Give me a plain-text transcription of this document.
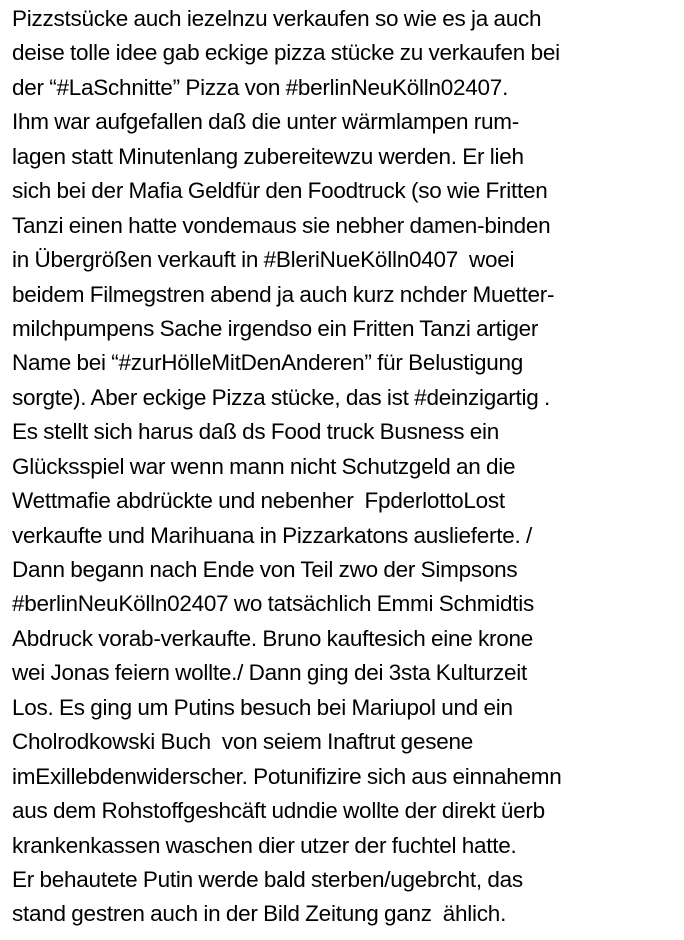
Pizzstsücke auch iezelnzu verkaufen so wie es ja auch
deise tolle idee gab eckige pizza stücke zu verkaufen bei
der “#LaSchnitte” Pizza von #berlinNeuKölln02407.
Ihm war aufgefallen daß die unter wärmlampen rum-
lagen statt Minutenlang zubereitewzu werden. Er lieh
sich bei der Mafia Geldfür den Foodtruck (so wie Fritten
Tanzi einen hatte vondemaus sie nebher damen-binden
in Übergrößen verkauft in #BleriNueKölln0407  woei
beidem Filmegstren abend ja auch kurz nchder Muetter-
milchpumpens Sache irgendso ein Fritten Tanzi artiger
Name bei “#zurHölleMitDenAnderen” für Belustigung
sorgte). Aber eckige Pizza stücke, das ist #deinzigartig .
Es stellt sich harus daß ds Food truck Busness ein
Glücksspiel war wenn mann nicht Schutzgeld an die
Wettmafie abdrückte und nebenher  FpderlottoLost
verkaufte und Marihuana in Pizzarkatons auslieferte. /
Dann begann nach Ende von Teil zwo der Simpsons
#berlinNeuKölln02407 wo tatsächlich Emmi Schmidtis
Abdruck vorab-verkaufte. Bruno kauftesich eine krone
wei Jonas feiern wollte./ Dann ging dei 3sta Kulturzeit
Los. Es ging um Putins besuch bei Mariupol und ein
Cholrodkowski Buch  von seiem Inaftrut gesene
imExillebdenwiderscher. Potunifizire sich aus einnahemn
aus dem Rohstoffgeshcäft udndie wollte der direkt üerb
krankenkassen waschen dier utzer der fuchtel hatte.
Er behautete Putin werde bald sterben/ugebrcht, das
stand gestren auch in der Bild Zeitung ganz  ählich.
